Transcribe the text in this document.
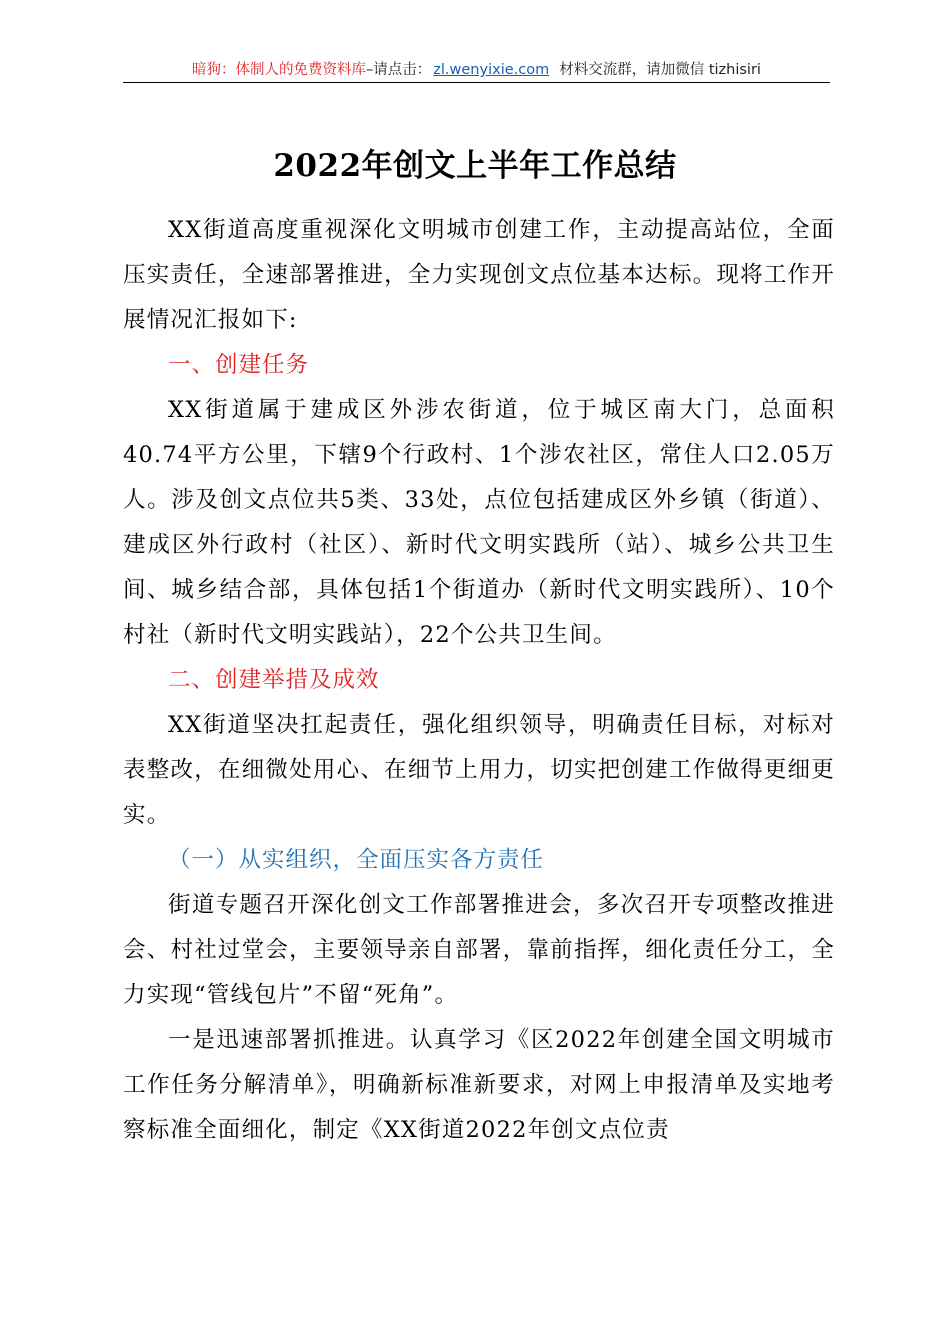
暗狗：体制人的免费资料库–请点击： zl.wenyixie.com 材料交流群，请加微信 tizhisiri
2022年创文上半年工作总结

XX街道高度重视深化文明城市创建工作，主动提高站位，全面压实责任，全速部署推进，全力实现创文点位基本达标。现将工作开展情况汇报如下:

一、创建任务

XX街道属于建成区外涉农街道，位于城区南大门，总面积40.74平方公里，下辖9个行政村、1个涉农社区，常住人口2.05万人。涉及创文点位共5类、33处，点位包括建成区外乡镇（街道）、建成区外行政村（社区）、新时代文明实践所（站）、城乡公共卫生间、城乡结合部，具体包括1个街道办（新时代文明实践所）、10个村社（新时代文明实践站），22个公共卫生间。

二、创建举措及成效

XX街道坚决扛起责任，强化组织领导，明确责任目标，对标对表整改，在细微处用心、在细节上用力，切实把创建工作做得更细更实。

（一）从实组织，全面压实各方责任

街道专题召开深化创文工作部署推进会，多次召开专项整改推进会、村社过堂会，主要领导亲自部署，靠前指挥，细化责任分工，全力实现“管线包片”不留“死角”。

一是迅速部署抓推进。认真学习《区2022年创建全国文明城市工作任务分解清单》，明确新标准新要求，对网上申报清单及实地考察标准全面细化，制定《XX街道2022年创文点位责
